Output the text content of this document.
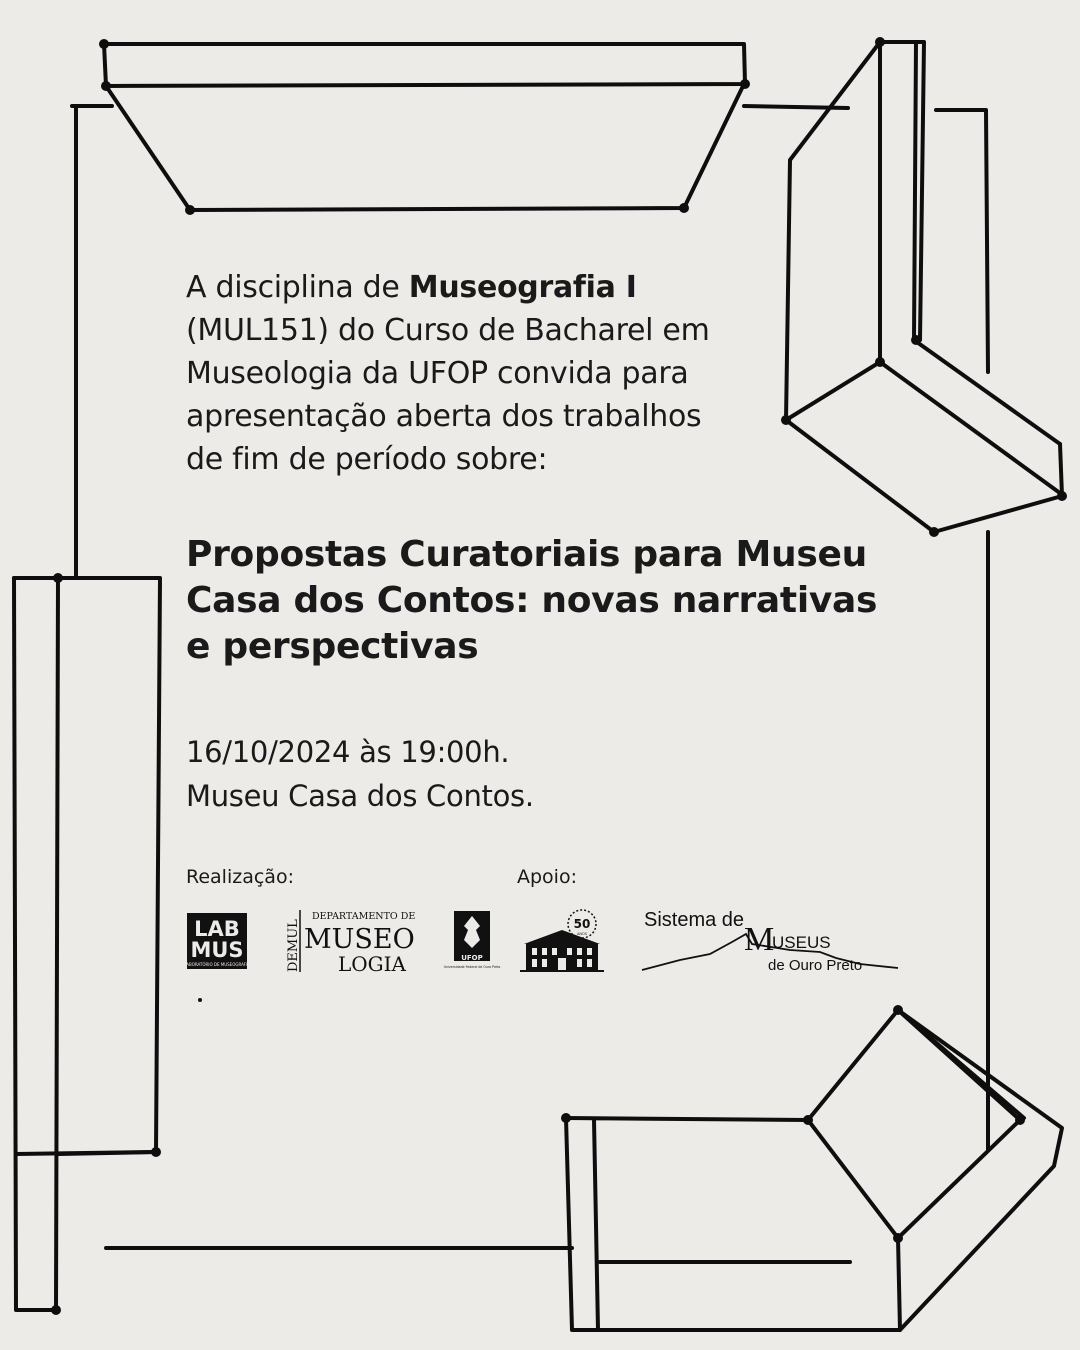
A disciplina de Museografia I (MUL151) do Curso de Bacharel em Museologia da UFOP convida para apresentação aberta dos trabalhos de fim de período sobre:
Propostas Curatoriais para Museu Casa dos Contos: novas narrativas e perspectivas
16/10/2024 às 19:00h.
Museu Casa dos Contos.
Realização:	Apoio:
LAB
MUS
LABORATÓRIO DE MUSEOGRAFIA	DEMUL
DEPARTAMENTO DE
MUSEO
LOGIA	UFOP
Universidade Federal de Ouro Preto
50
ANOS
Sistema de
M
USEUS
de Ouro Preto
